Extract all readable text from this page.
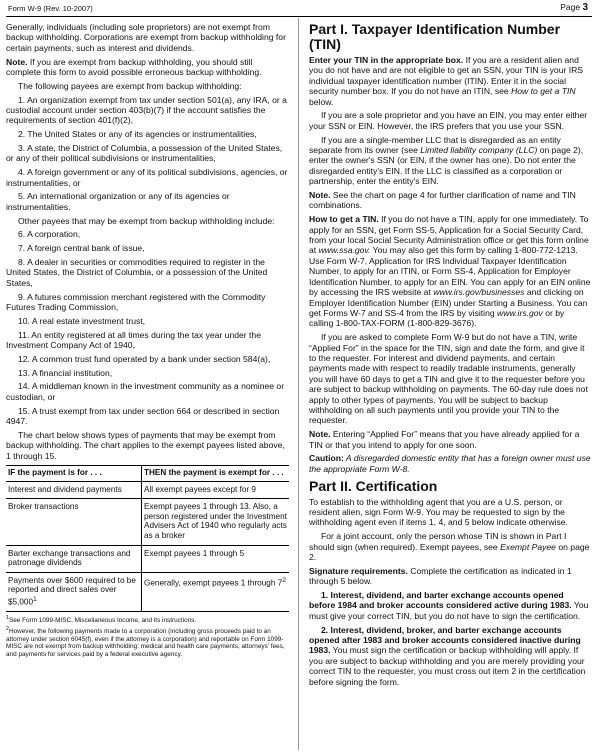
Form W-9 (Rev. 10-2007)	Page 3

Generally, individuals (including sole proprietors) are not exempt from backup withholding. Corporations are exempt from backup withholding for certain payments, such as interest and dividends.

Note. If you are exempt from backup withholding, you should still complete this form to avoid possible erroneous backup withholding.

The following payees are exempt from backup withholding:

1. An organization exempt from tax under section 501(a), any IRA, or a custodial account under section 403(b)(7) if the account satisfies the requirements of section 401(f)(2),

2. The United States or any of its agencies or instrumentalities,

3. A state, the District of Columbia, a possession of the United States, or any of their political subdivisions or instrumentalities,

4. A foreign government or any of its political subdivisions, agencies, or instrumentalities, or

5. An international organization or any of its agencies or instrumentalities.

Other payees that may be exempt from backup withholding include:

6. A corporation,

7. A foreign central bank of issue,

8. A dealer in securities or commodities required to register in the United States, the District of Columbia, or a possession of the United States,

9. A futures commission merchant registered with the Commodity Futures Trading Commission,

10. A real estate investment trust,

11. An entity registered at all times during the tax year under the Investment Company Act of 1940,

12. A common trust fund operated by a bank under section 584(a),

13. A financial institution,

14. A middleman known in the investment community as a nominee or custodian, or

15. A trust exempt from tax under section 664 or described in section 4947.

The chart below shows types of payments that may be exempt from backup withholding. The chart applies to the exempt payees listed above, 1 through 15.

IF the payment is for . . .	THEN the payment is exempt for . . .
Interest and dividend payments	All exempt payees except for 9
Broker transactions	Exempt payees 1 through 13. Also, a person registered under the Investment Advisers Act of 1940 who regularly acts as a broker
Barter exchange transactions and patronage dividends	Exempt payees 1 through 5
Payments over $600 required to be reported and direct sales over $5,000$^1$	Generally, exempt payees 1 through $7^2$

$^1$See Form 1099-MISC, Miscellaneous Income, and its instructions.

$^2$However, the following payments made to a corporation (including gross proceeds paid to an attorney under section 6045(f), even if the attorney is a corporation) and reportable on Form 1099-MISC are not exempt from backup withholding: medical and health care payments, attorneys' fees, and payments for services paid by a federal executive agency.

Part I. Taxpayer Identification Number (TIN)

Enter your TIN in the appropriate box. If you are a resident alien and you do not have and are not eligible to get an SSN, your TIN is your IRS individual taxpayer identification number (ITIN). Enter it in the social security number box. If you do not have an ITIN, see How to get a TIN below.

If you are a sole proprietor and you have an EIN, you may enter either your SSN or EIN. However, the IRS prefers that you use your SSN.

If you are a single-member LLC that is disregarded as an entity separate from its owner (see Limited liability company (LLC) on page 2), enter the owner's SSN (or EIN, if the owner has one). Do not enter the disregarded entity's EIN. If the LLC is classified as a corporation or partnership, enter the entity's EIN.

Note. See the chart on page 4 for further clarification of name and TIN combinations.

How to get a TIN. If you do not have a TIN, apply for one immediately. To apply for an SSN, get Form SS-5, Application for a Social Security Card, from your local Social Security Administration office or get this form online at www.ssa.gov. You may also get this form by calling 1-800-772-1213. Use Form W-7, Application for IRS Individual Taxpayer Identification Number, to apply for an ITIN, or Form SS-4, Application for Employer Identification Number, to apply for an EIN. You can apply for an EIN online by accessing the IRS website at www.irs.gov/businesses and clicking on Employer Identification Number (EIN) under Starting a Business. You can get Forms W-7 and SS-4 from the IRS by visiting www.irs.gov or by calling 1-800-TAX-FORM (1-800-829-3676).

If you are asked to complete Form W-9 but do not have a TIN, write “Applied For” in the space for the TIN, sign and date the form, and give it to the requester. For interest and dividend payments, and certain payments made with respect to readily tradable instruments, generally you will have 60 days to get a TIN and give it to the requester before you are subject to backup withholding on payments. The 60-day rule does not apply to other types of payments. You will be subject to backup withholding on all such payments until you provide your TIN to the requester.

Note. Entering “Applied For” means that you have already applied for a TIN or that you intend to apply for one soon.

Caution: A disregarded domestic entity that has a foreign owner must use the appropriate Form W-8.

Part II. Certification

To establish to the withholding agent that you are a U.S. person, or resident alien, sign Form W-9. You may be requested to sign by the withholding agent even if items 1, 4, and 5 below indicate otherwise.

For a joint account, only the person whose TIN is shown in Part I should sign (when required). Exempt payees, see Exempt Payee on page 2.

Signature requirements. Complete the certification as indicated in 1 through 5 below.

1. Interest, dividend, and barter exchange accounts opened before 1984 and broker accounts considered active during 1983. You must give your correct TIN, but you do not have to sign the certification.

2. Interest, dividend, broker, and barter exchange accounts opened after 1983 and broker accounts considered inactive during 1983. You must sign the certification or backup withholding will apply. If you are subject to backup withholding and you are merely providing your correct TIN to the requester, you must cross out item 2 in the certification before signing the form.
